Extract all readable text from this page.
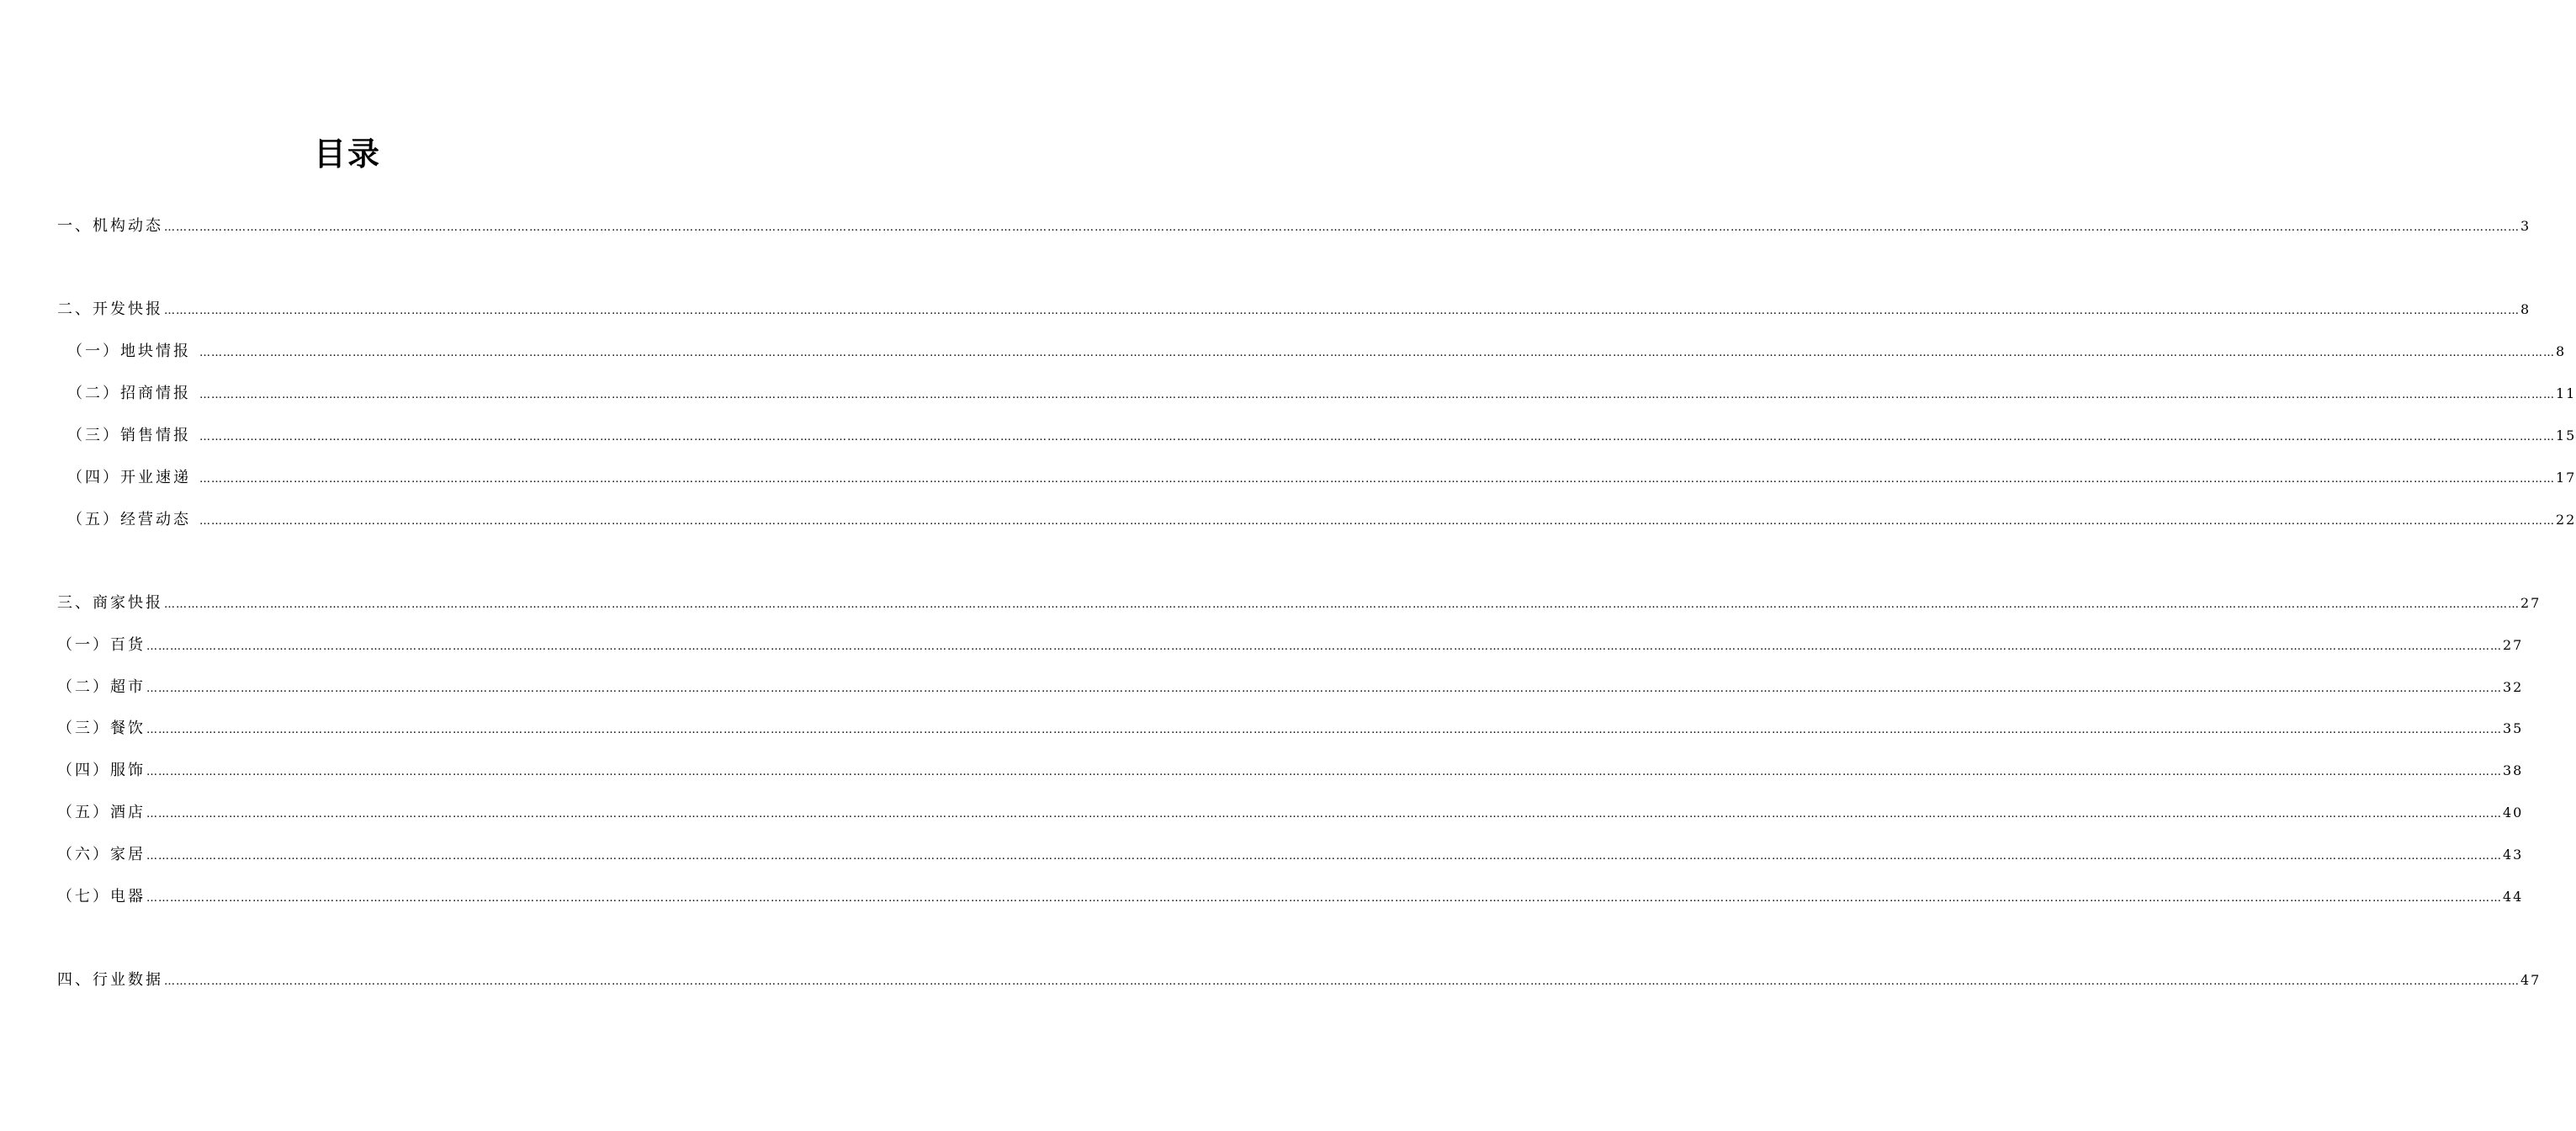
目录
一、机构动态 …………………………………………………………………………………………………………………………………………………………………………………………………………………………………………………………………………………………………………………………………………………………………………………………………………………………………………………………………………………………………………………………………………………… 3
二、开发快报 …………………………………………………………………………………………………………………………………………………………………………………………………………………………………………………………………………………………………………………………………………………………………………………………………………………………………………………………………………………………………………………………………………………… 8
（一）地块情报 …………………………………………………………………………………………………………………………………………………………………………………………………………………………………………………………………………………………………………………………………………………………………………………………………………………………………………………………………………………………………………………………………………………… 8
（二）招商情报 …………………………………………………………………………………………………………………………………………………………………………………………………………………………………………………………………………………………………………………………………………………………………………………………………………………………………………………………………………………………………………………………………………………… 11
（三）销售情报 …………………………………………………………………………………………………………………………………………………………………………………………………………………………………………………………………………………………………………………………………………………………………………………………………………………………………………………………………………………………………………………………………………………… 15
（四）开业速递 …………………………………………………………………………………………………………………………………………………………………………………………………………………………………………………………………………………………………………………………………………………………………………………………………………………………………………………………………………………………………………………………………………………… 17
（五）经营动态 …………………………………………………………………………………………………………………………………………………………………………………………………………………………………………………………………………………………………………………………………………………………………………………………………………………………………………………………………………………………………………………………………………………… 22
三、商家快报 …………………………………………………………………………………………………………………………………………………………………………………………………………………………………………………………………………………………………………………………………………………………………………………………………………………………………………………………………………………………………………………………………………………… 27
（一）百货 …………………………………………………………………………………………………………………………………………………………………………………………………………………………………………………………………………………………………………………………………………………………………………………………………………………………………………………………………………………………………………………………………………………… 27
（二）超市 …………………………………………………………………………………………………………………………………………………………………………………………………………………………………………………………………………………………………………………………………………………………………………………………………………………………………………………………………………………………………………………………………………………… 32
（三）餐饮 …………………………………………………………………………………………………………………………………………………………………………………………………………………………………………………………………………………………………………………………………………………………………………………………………………………………………………………………………………………………………………………………………………………… 35
（四）服饰 …………………………………………………………………………………………………………………………………………………………………………………………………………………………………………………………………………………………………………………………………………………………………………………………………………………………………………………………………………………………………………………………………………………… 38
（五）酒店 …………………………………………………………………………………………………………………………………………………………………………………………………………………………………………………………………………………………………………………………………………………………………………………………………………………………………………………………………………………………………………………………………………………… 40
（六）家居 …………………………………………………………………………………………………………………………………………………………………………………………………………………………………………………………………………………………………………………………………………………………………………………………………………………………………………………………………………………………………………………………………………………… 43
（七）电器 …………………………………………………………………………………………………………………………………………………………………………………………………………………………………………………………………………………………………………………………………………………………………………………………………………………………………………………………………………………………………………………………………………………… 44
四、行业数据 …………………………………………………………………………………………………………………………………………………………………………………………………………………………………………………………………………………………………………………………………………………………………………………………………………………………………………………………………………………………………………………………………………………… 47
